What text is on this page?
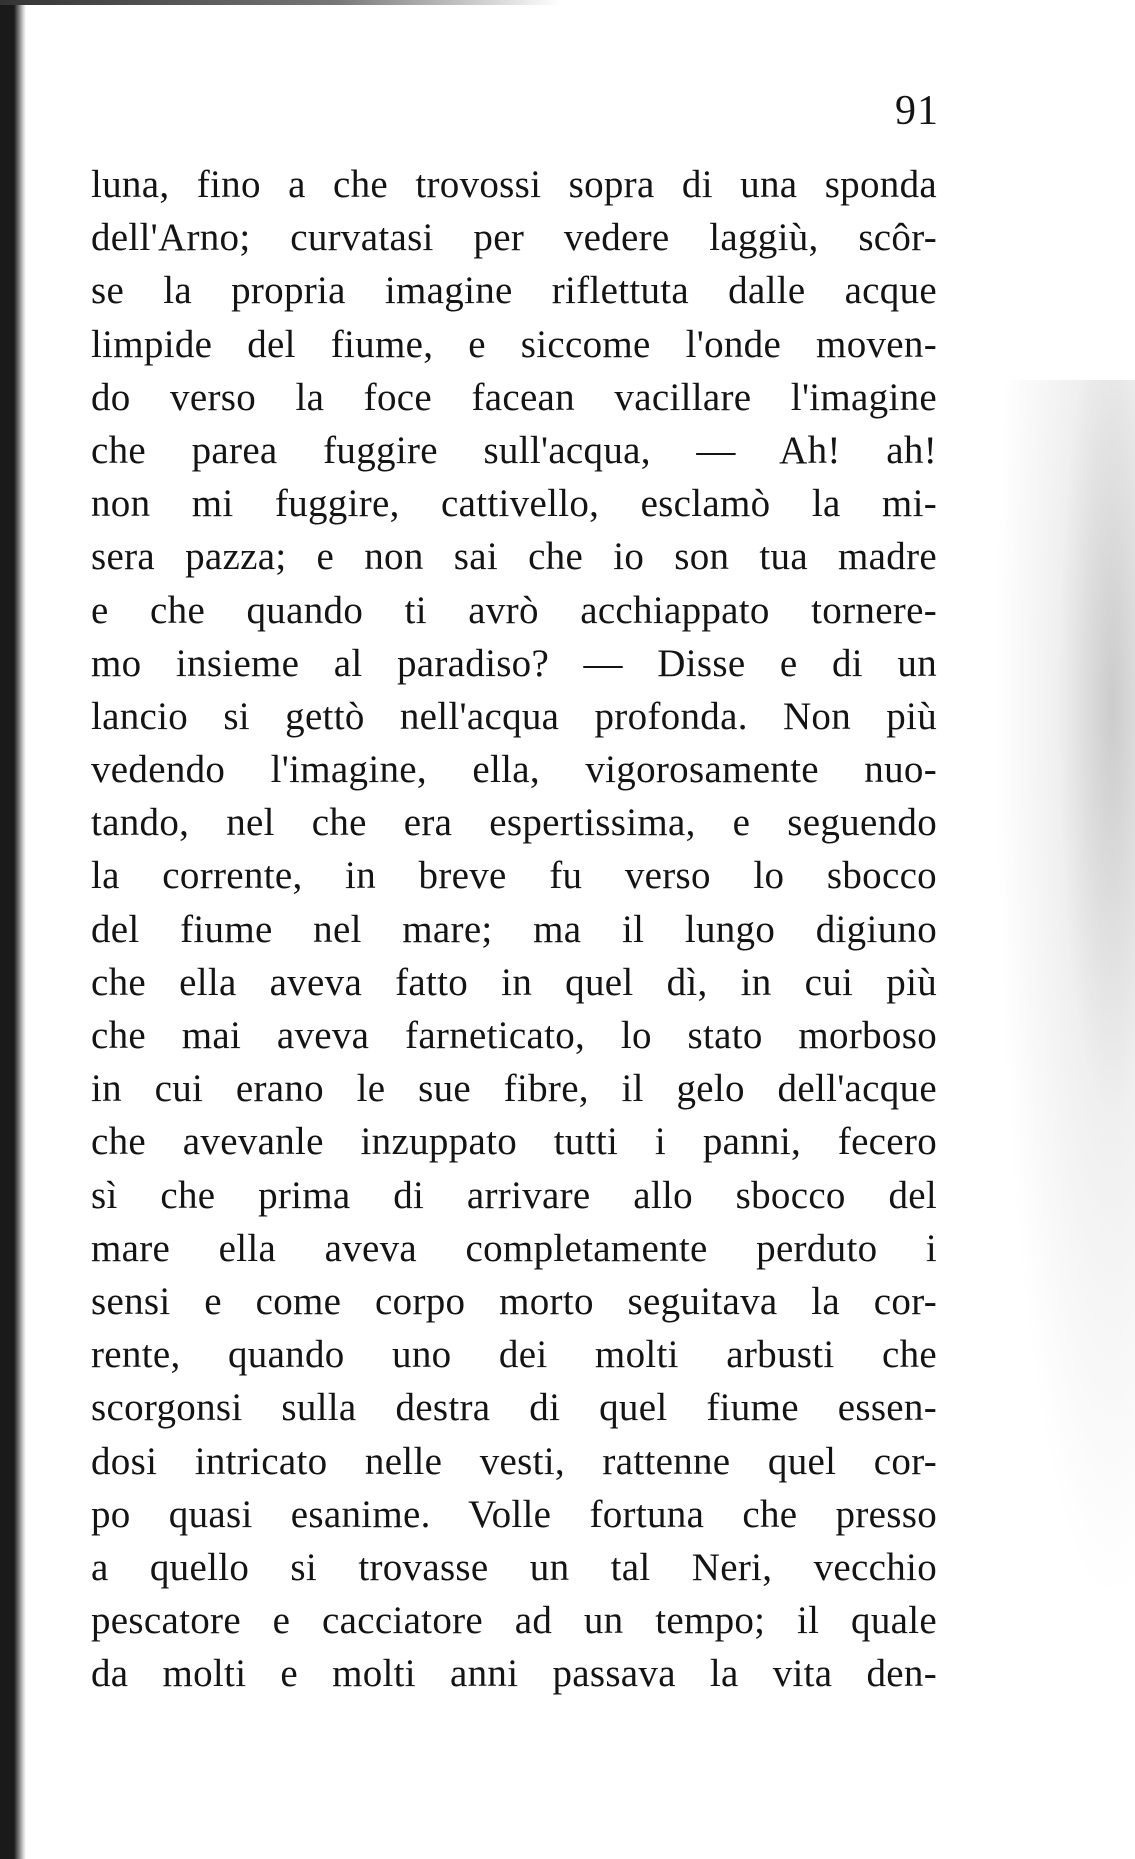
91
luna, fino a che trovossi sopra di una sponda
dell'Arno; curvatasi per vedere laggiù, scôr-
se la propria imagine riflettuta dalle acque
limpide del fiume, e siccome l'onde moven-
do verso la foce facean vacillare l'imagine
che parea fuggire sull'acqua, — Ah! ah!
non mi fuggire, cattivello, esclamò la mi-
sera pazza; e non sai che io son tua madre
e che quando ti avrò acchiappato tornere-
mo insieme al paradiso? — Disse e di un
lancio si gettò nell'acqua profonda. Non più
vedendo l'imagine, ella, vigorosamente nuo-
tando, nel che era espertissima, e seguendo
la corrente, in breve fu verso lo sbocco
del fiume nel mare; ma il lungo digiuno
che ella aveva fatto in quel dì, in cui più
che mai aveva farneticato, lo stato morboso
in cui erano le sue fibre, il gelo dell'acque
che avevanle inzuppato tutti i panni, fecero
sì che prima di arrivare allo sbocco del
mare ella aveva completamente perduto i
sensi e come corpo morto seguitava la cor-
rente, quando uno dei molti arbusti che
scorgonsi sulla destra di quel fiume essen-
dosi intricato nelle vesti, rattenne quel cor-
po quasi esanime. Volle fortuna che presso
a quello si trovasse un tal Neri, vecchio
pescatore e cacciatore ad un tempo; il quale
da molti e molti anni passava la vita den-
